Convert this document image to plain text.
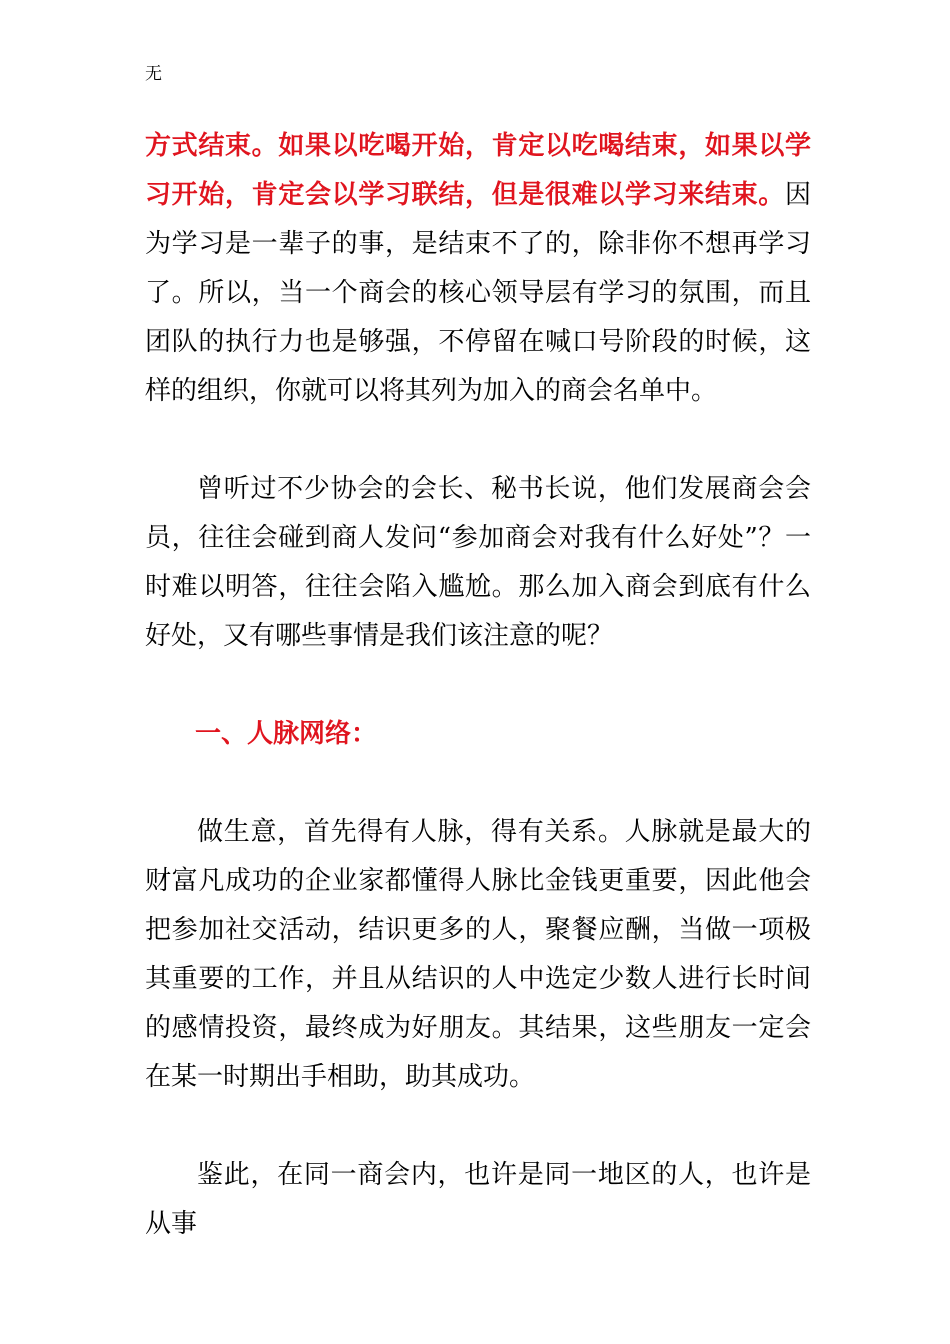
无

方式结束。如果以吃喝开始，肯定以吃喝结束，如果以学习开始，肯定会以学习联结，但是很难以学习来结束。因为学习是一辈子的事，是结束不了的，除非你不想再学习了。所以，当一个商会的核心领导层有学习的氛围，而且团队的执行力也是够强，不停留在喊口号阶段的时候，这样的组织，你就可以将其列为加入的商会名单中。

曾听过不少协会的会长、秘书长说，他们发展商会会员，往往会碰到商人发问“参加商会对我有什么好处”？一时难以明答，往往会陷入尴尬。那么加入商会到底有什么好处，又有哪些事情是我们该注意的呢？

一、人脉网络：

做生意，首先得有人脉，得有关系。人脉就是最大的财富凡成功的企业家都懂得人脉比金钱更重要，因此他会把参加社交活动，结识更多的人，聚餐应酬，当做一项极其重要的工作，并且从结识的人中选定少数人进行长时间的感情投资，最终成为好朋友。其结果，这些朋友一定会在某一时期出手相助，助其成功。

鉴此，在同一商会内，也许是同一地区的人，也许是从事
